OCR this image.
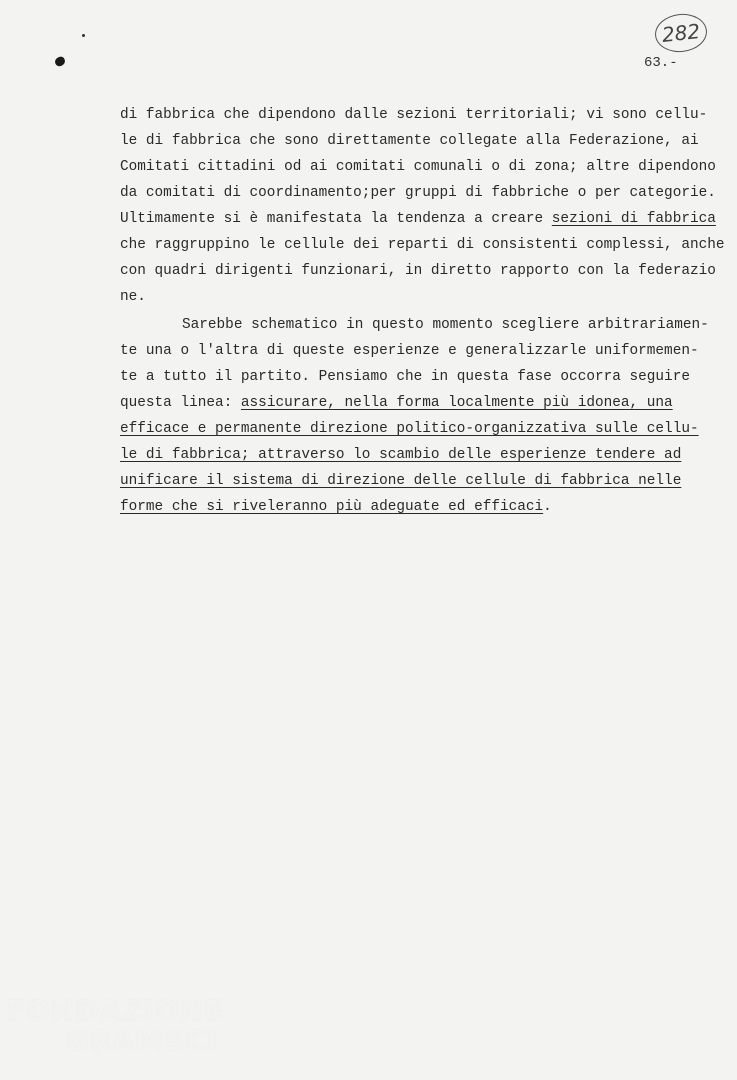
282
63.-
di fabbrica che dipendono dalle sezioni territoriali; vi sono cellu-
le di fabbrica che sono direttamente collegate alla Federazione, ai
Comitati cittadini od ai comitati comunali o di zona; altre dipendono
da comitati di coordinamento;per gruppi di fabbriche o per categorie.
Ultimamente si è manifestata la tendenza a creare sezioni di fabbrica
che raggruppino le cellule dei reparti di consistenti complessi, anche
con quadri dirigenti funzionari, in diretto rapporto con la federazio
ne.
Sarebbe schematico in questo momento scegliere arbitrariamen-
te una o l'altra di queste esperienze e generalizzarle uniformemen-
te a tutto il partito. Pensiamo che in questa fase occorra seguire
questa linea: assicurare, nella forma localmente più idonea, una
efficace e permanente direzione politico-organizzativa sulle cellu-
le di fabbrica; attraverso lo scambio delle esperienze tendere ad
unificare il sistema di direzione delle cellule di fabbrica nelle
forme che si riveleranno più adeguate ed efficaci.
FONDAZIONE
GRAMSCI
